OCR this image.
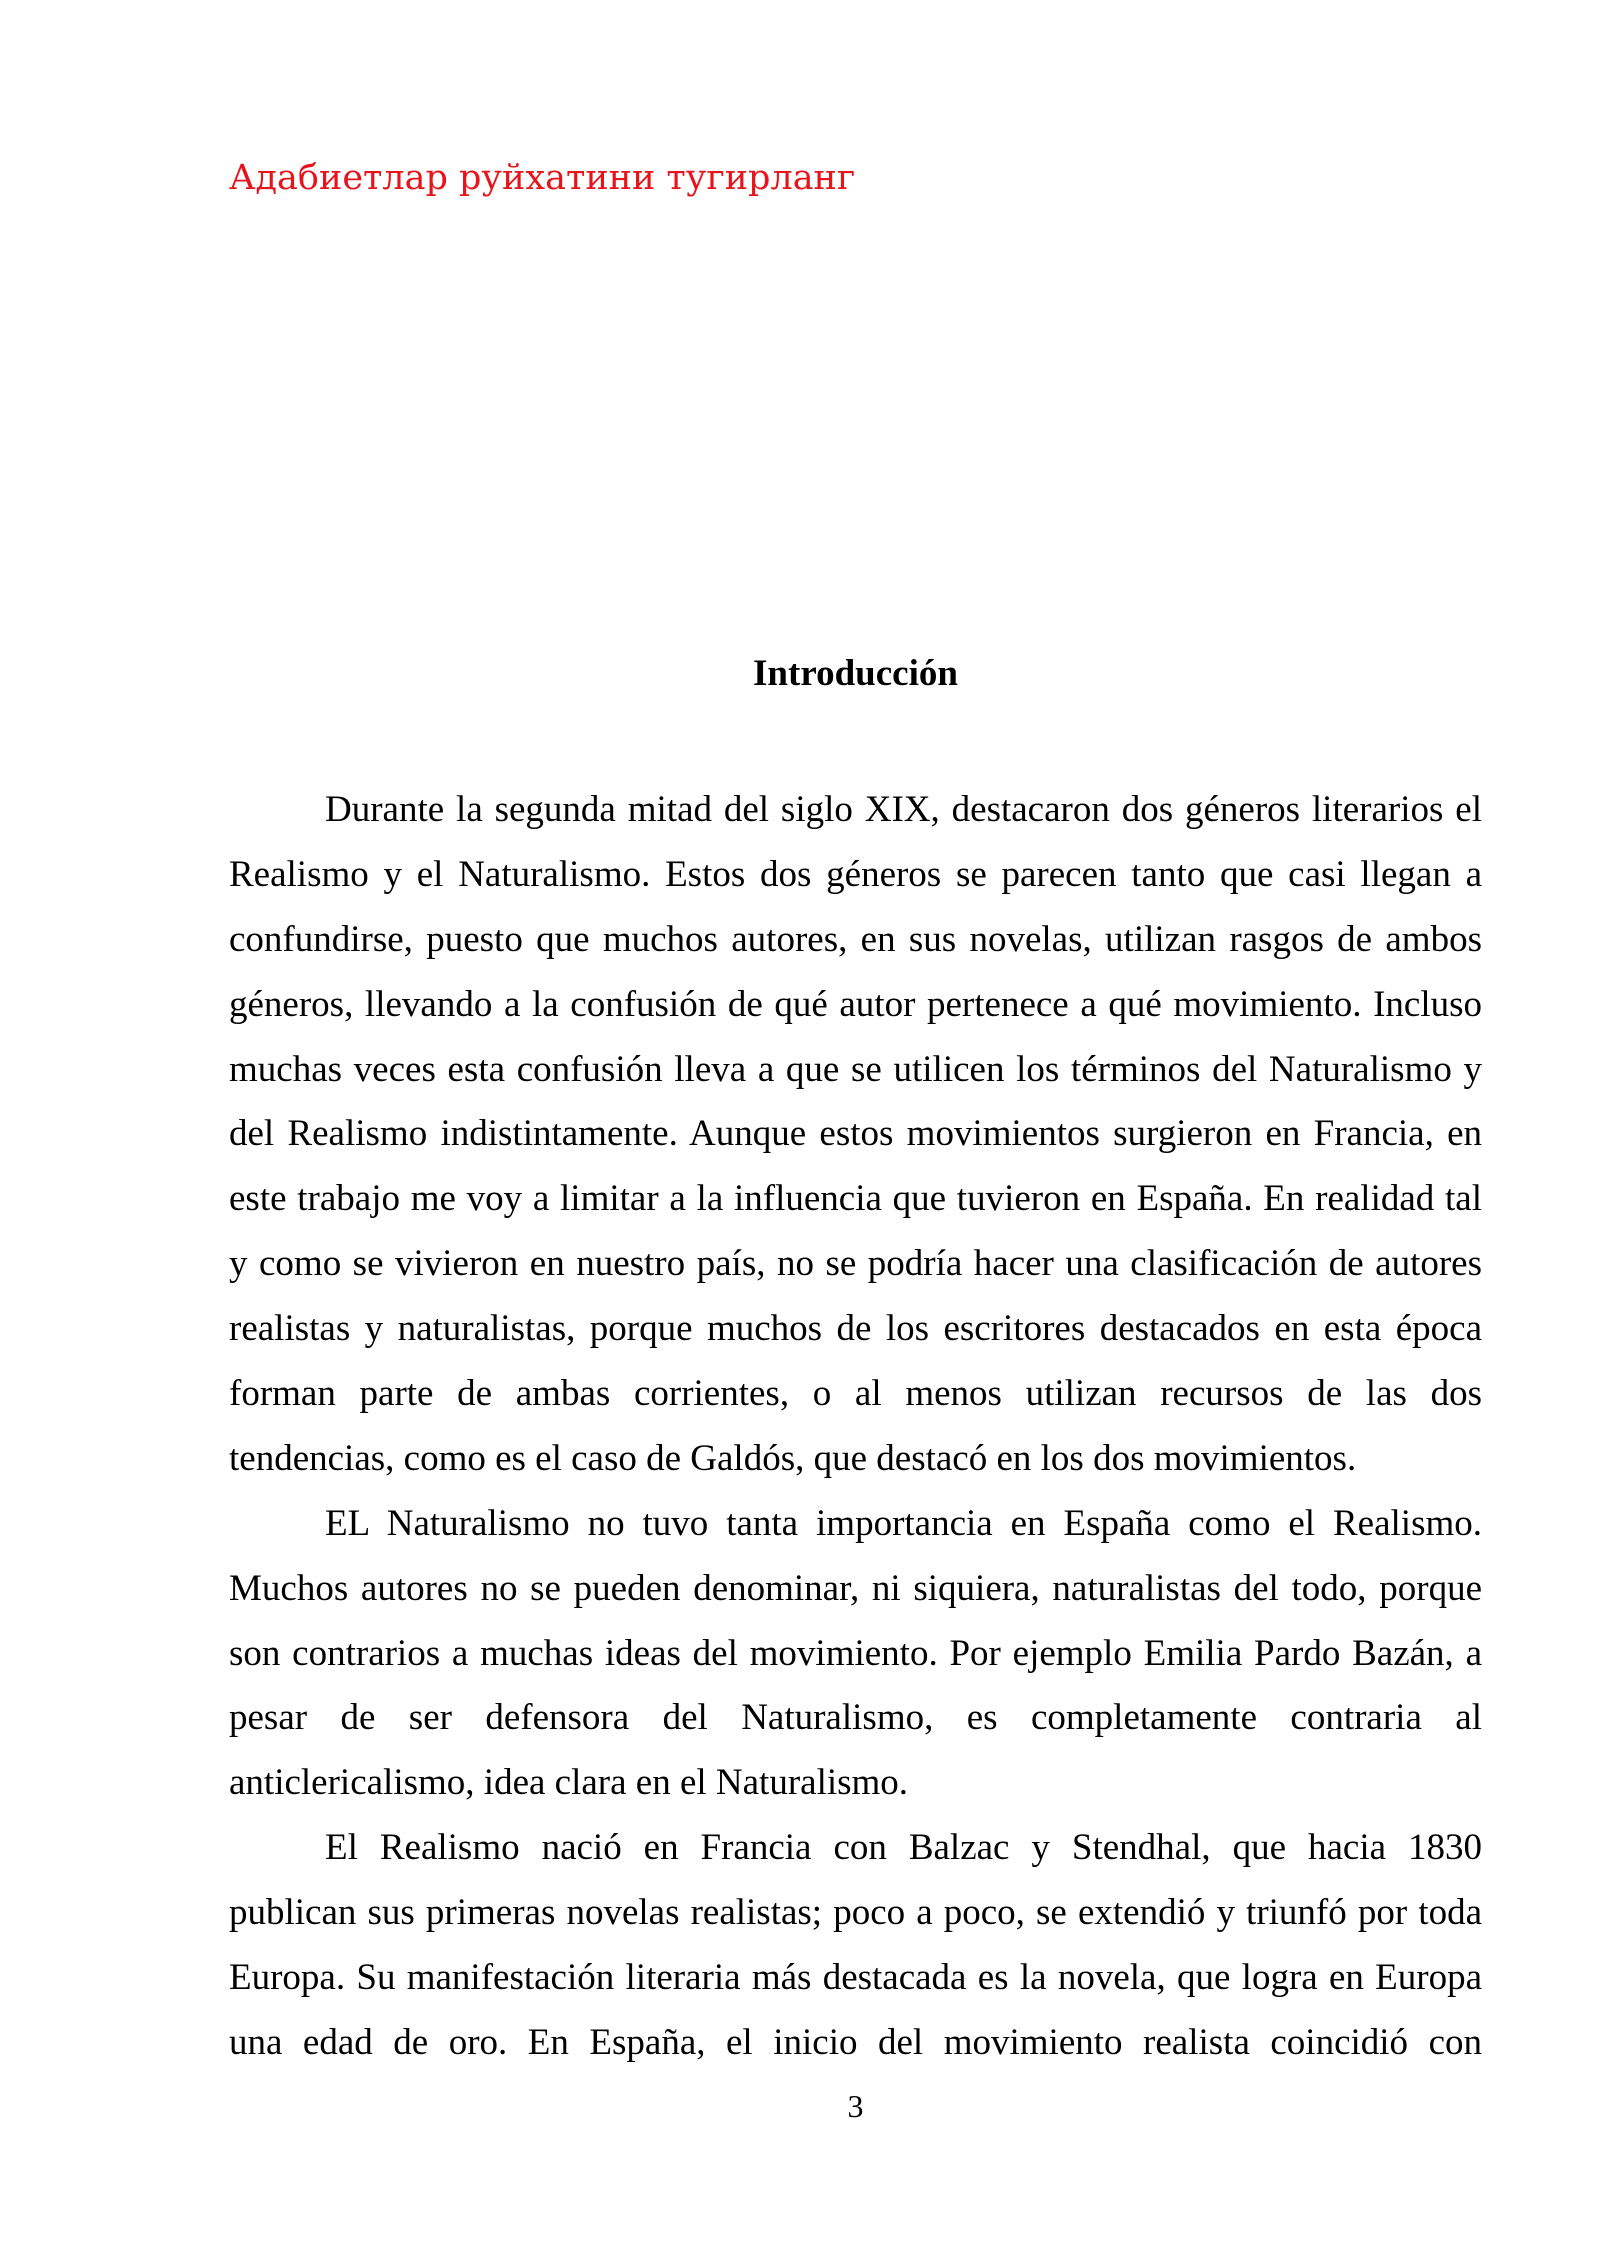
Адабиетлар руйхатини тугирланг
Introducción
Durante la segunda mitad del siglo XIX, destacaron dos géneros literarios el
Realismo y el Naturalismo. Estos dos géneros se parecen tanto que casi llegan a
confundirse, puesto que muchos autores, en sus novelas, utilizan rasgos de ambos
géneros, llevando a la confusión de qué autor pertenece a qué movimiento. Incluso
muchas veces esta confusión lleva a que se utilicen los términos del Naturalismo y
del Realismo indistintamente. Aunque estos movimientos surgieron en Francia, en
este trabajo me voy a limitar a la influencia que tuvieron en España. En realidad tal
y como se vivieron en nuestro país, no se podría hacer una clasificación de autores
realistas y naturalistas, porque muchos de los escritores destacados en esta época
forman parte de ambas corrientes, o al menos utilizan recursos de las dos
tendencias, como es el caso de Galdós, que destacó en los dos movimientos.
EL Naturalismo no tuvo tanta importancia en España como el Realismo.
Muchos autores no se pueden denominar, ni siquiera, naturalistas del todo, porque
son contrarios a muchas ideas del movimiento. Por ejemplo Emilia Pardo Bazán, a
pesar de ser defensora del Naturalismo, es completamente contraria al
anticlericalismo, idea clara en el Naturalismo.
El Realismo nació en Francia con Balzac y Stendhal, que hacia 1830
publican sus primeras novelas realistas; poco a poco, se extendió y triunfó por toda
Europa. Su manifestación literaria más destacada es la novela, que logra en Europa
una edad de oro. En España, el inicio del movimiento realista coincidió con
3
